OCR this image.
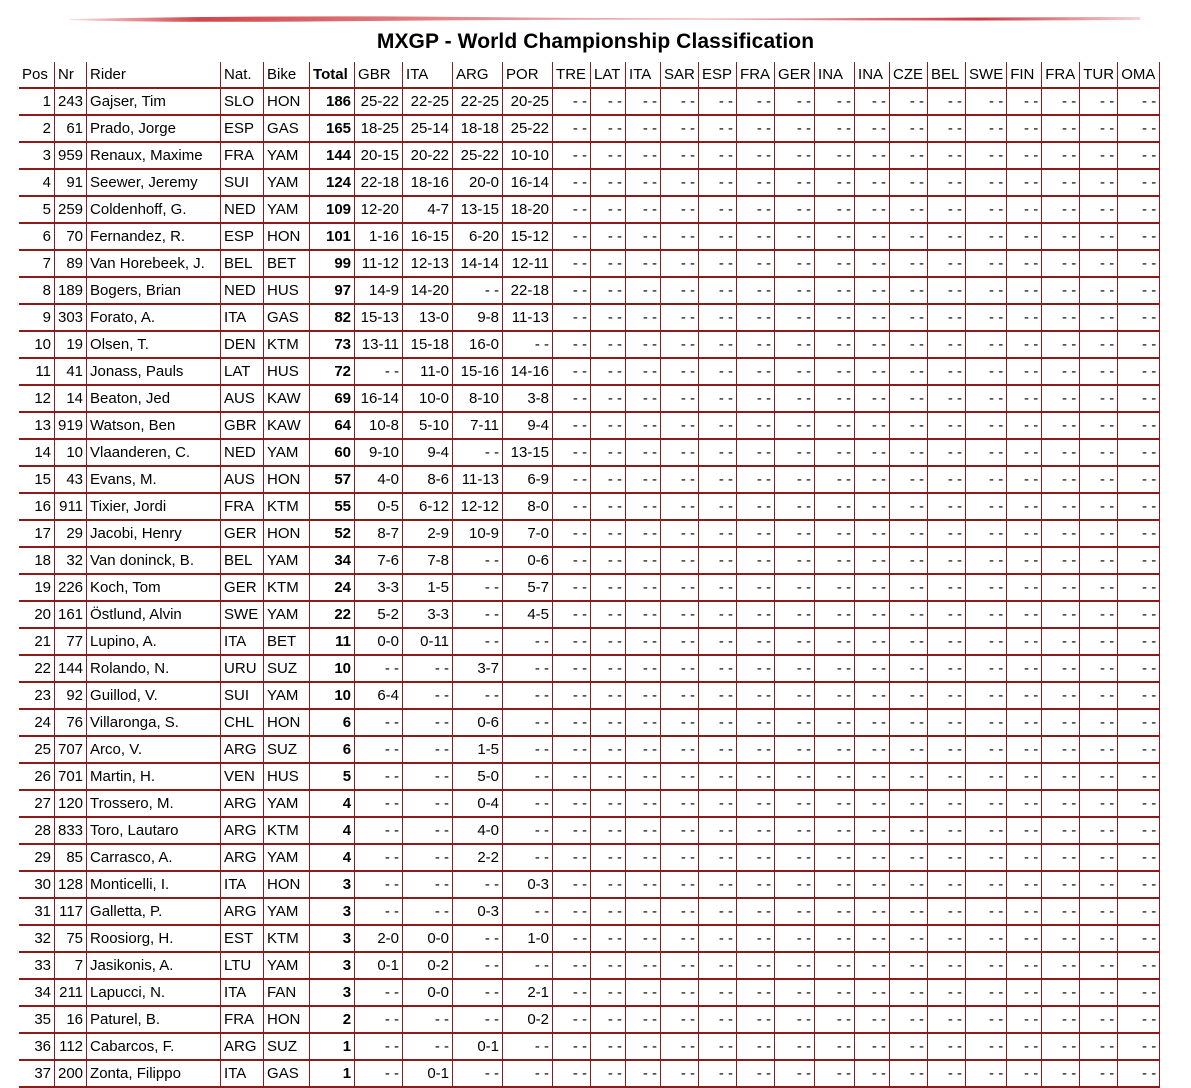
MXGP - World Championship Classification
Pos	Nr	Rider	Nat.	Bike	Total	GBR	ITA	ARG	POR	TRE	LAT	ITA	SAR	ESP	FRA	GER	INA	INA	CZE	BEL	SWE	FIN	FRA	TUR	OMA
1	243	Gajser, Tim	SLO	HON	186	25-22	22-25	22-25	20-25	- -	- -	- -	- -	- -	- -	- -	- -	- -	- -	- -	- -	- -	- -	- -	- -
2	61	Prado, Jorge	ESP	GAS	165	18-25	25-14	18-18	25-22	- -	- -	- -	- -	- -	- -	- -	- -	- -	- -	- -	- -	- -	- -	- -	- -
3	959	Renaux, Maxime	FRA	YAM	144	20-15	20-22	25-22	10-10	- -	- -	- -	- -	- -	- -	- -	- -	- -	- -	- -	- -	- -	- -	- -	- -
4	91	Seewer, Jeremy	SUI	YAM	124	22-18	18-16	20-0	16-14	- -	- -	- -	- -	- -	- -	- -	- -	- -	- -	- -	- -	- -	- -	- -	- -
5	259	Coldenhoff, G.	NED	YAM	109	12-20	4-7	13-15	18-20	- -	- -	- -	- -	- -	- -	- -	- -	- -	- -	- -	- -	- -	- -	- -	- -
6	70	Fernandez, R.	ESP	HON	101	1-16	16-15	6-20	15-12	- -	- -	- -	- -	- -	- -	- -	- -	- -	- -	- -	- -	- -	- -	- -	- -
7	89	Van Horebeek, J.	BEL	BET	99	11-12	12-13	14-14	12-11	- -	- -	- -	- -	- -	- -	- -	- -	- -	- -	- -	- -	- -	- -	- -	- -
8	189	Bogers, Brian	NED	HUS	97	14-9	14-20	- -	22-18	- -	- -	- -	- -	- -	- -	- -	- -	- -	- -	- -	- -	- -	- -	- -	- -
9	303	Forato, A.	ITA	GAS	82	15-13	13-0	9-8	11-13	- -	- -	- -	- -	- -	- -	- -	- -	- -	- -	- -	- -	- -	- -	- -	- -
10	19	Olsen, T.	DEN	KTM	73	13-11	15-18	16-0	- -	- -	- -	- -	- -	- -	- -	- -	- -	- -	- -	- -	- -	- -	- -	- -	- -
11	41	Jonass, Pauls	LAT	HUS	72	- -	11-0	15-16	14-16	- -	- -	- -	- -	- -	- -	- -	- -	- -	- -	- -	- -	- -	- -	- -	- -
12	14	Beaton, Jed	AUS	KAW	69	16-14	10-0	8-10	3-8	- -	- -	- -	- -	- -	- -	- -	- -	- -	- -	- -	- -	- -	- -	- -	- -
13	919	Watson, Ben	GBR	KAW	64	10-8	5-10	7-11	9-4	- -	- -	- -	- -	- -	- -	- -	- -	- -	- -	- -	- -	- -	- -	- -	- -
14	10	Vlaanderen, C.	NED	YAM	60	9-10	9-4	- -	13-15	- -	- -	- -	- -	- -	- -	- -	- -	- -	- -	- -	- -	- -	- -	- -	- -
15	43	Evans, M.	AUS	HON	57	4-0	8-6	11-13	6-9	- -	- -	- -	- -	- -	- -	- -	- -	- -	- -	- -	- -	- -	- -	- -	- -
16	911	Tixier, Jordi	FRA	KTM	55	0-5	6-12	12-12	8-0	- -	- -	- -	- -	- -	- -	- -	- -	- -	- -	- -	- -	- -	- -	- -	- -
17	29	Jacobi, Henry	GER	HON	52	8-7	2-9	10-9	7-0	- -	- -	- -	- -	- -	- -	- -	- -	- -	- -	- -	- -	- -	- -	- -	- -
18	32	Van doninck, B.	BEL	YAM	34	7-6	7-8	- -	0-6	- -	- -	- -	- -	- -	- -	- -	- -	- -	- -	- -	- -	- -	- -	- -	- -
19	226	Koch, Tom	GER	KTM	24	3-3	1-5	- -	5-7	- -	- -	- -	- -	- -	- -	- -	- -	- -	- -	- -	- -	- -	- -	- -	- -
20	161	Östlund, Alvin	SWE	YAM	22	5-2	3-3	- -	4-5	- -	- -	- -	- -	- -	- -	- -	- -	- -	- -	- -	- -	- -	- -	- -	- -
21	77	Lupino, A.	ITA	BET	11	0-0	0-11	- -	- -	- -	- -	- -	- -	- -	- -	- -	- -	- -	- -	- -	- -	- -	- -	- -	- -
22	144	Rolando, N.	URU	SUZ	10	- -	- -	3-7	- -	- -	- -	- -	- -	- -	- -	- -	- -	- -	- -	- -	- -	- -	- -	- -	- -
23	92	Guillod, V.	SUI	YAM	10	6-4	- -	- -	- -	- -	- -	- -	- -	- -	- -	- -	- -	- -	- -	- -	- -	- -	- -	- -	- -
24	76	Villaronga, S.	CHL	HON	6	- -	- -	0-6	- -	- -	- -	- -	- -	- -	- -	- -	- -	- -	- -	- -	- -	- -	- -	- -	- -
25	707	Arco, V.	ARG	SUZ	6	- -	- -	1-5	- -	- -	- -	- -	- -	- -	- -	- -	- -	- -	- -	- -	- -	- -	- -	- -	- -
26	701	Martin, H.	VEN	HUS	5	- -	- -	5-0	- -	- -	- -	- -	- -	- -	- -	- -	- -	- -	- -	- -	- -	- -	- -	- -	- -
27	120	Trossero, M.	ARG	YAM	4	- -	- -	0-4	- -	- -	- -	- -	- -	- -	- -	- -	- -	- -	- -	- -	- -	- -	- -	- -	- -
28	833	Toro, Lautaro	ARG	KTM	4	- -	- -	4-0	- -	- -	- -	- -	- -	- -	- -	- -	- -	- -	- -	- -	- -	- -	- -	- -	- -
29	85	Carrasco, A.	ARG	YAM	4	- -	- -	2-2	- -	- -	- -	- -	- -	- -	- -	- -	- -	- -	- -	- -	- -	- -	- -	- -	- -
30	128	Monticelli, I.	ITA	HON	3	- -	- -	- -	0-3	- -	- -	- -	- -	- -	- -	- -	- -	- -	- -	- -	- -	- -	- -	- -	- -
31	117	Galletta, P.	ARG	YAM	3	- -	- -	0-3	- -	- -	- -	- -	- -	- -	- -	- -	- -	- -	- -	- -	- -	- -	- -	- -	- -
32	75	Roosiorg, H.	EST	KTM	3	2-0	0-0	- -	1-0	- -	- -	- -	- -	- -	- -	- -	- -	- -	- -	- -	- -	- -	- -	- -	- -
33	7	Jasikonis, A.	LTU	YAM	3	0-1	0-2	- -	- -	- -	- -	- -	- -	- -	- -	- -	- -	- -	- -	- -	- -	- -	- -	- -	- -
34	211	Lapucci, N.	ITA	FAN	3	- -	0-0	- -	2-1	- -	- -	- -	- -	- -	- -	- -	- -	- -	- -	- -	- -	- -	- -	- -	- -
35	16	Paturel, B.	FRA	HON	2	- -	- -	- -	0-2	- -	- -	- -	- -	- -	- -	- -	- -	- -	- -	- -	- -	- -	- -	- -	- -
36	112	Cabarcos, F.	ARG	SUZ	1	- -	- -	0-1	- -	- -	- -	- -	- -	- -	- -	- -	- -	- -	- -	- -	- -	- -	- -	- -	- -
37	200	Zonta, Filippo	ITA	GAS	1	- -	0-1	- -	- -	- -	- -	- -	- -	- -	- -	- -	- -	- -	- -	- -	- -	- -	- -	- -	- -
